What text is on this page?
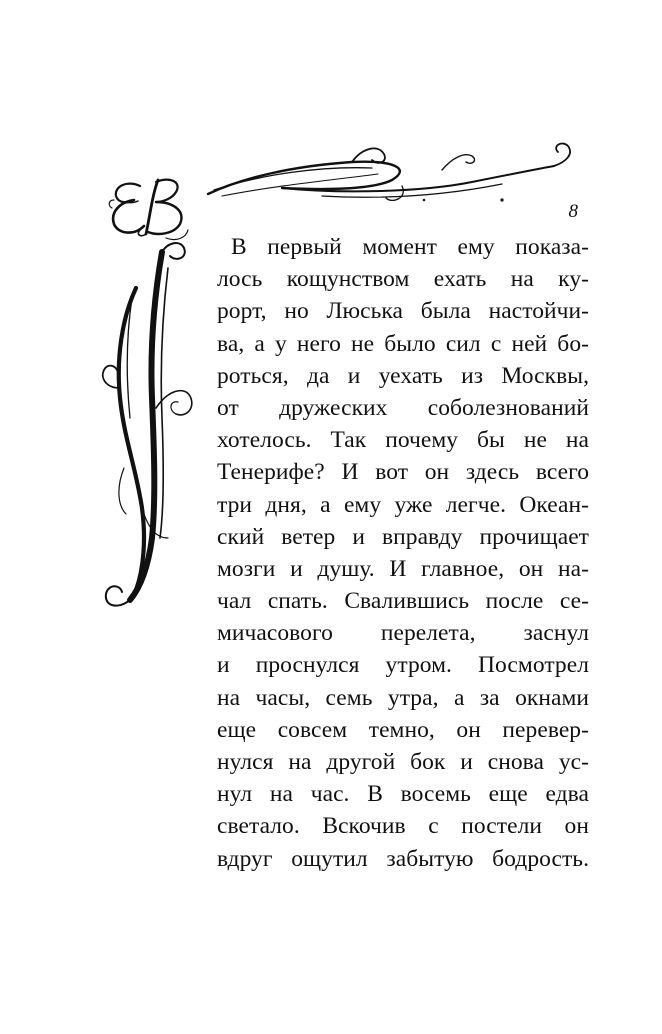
8
В первый момент ему показа-
лось кощунством ехать на ку-
рорт, но Люська была настойчи-
ва, а у него не было сил с ней бо-
роться, да и уехать из Москвы,
от дружеских соболезнований
хотелось. Так почему бы не на
Тенерифе? И вот он здесь всего
три дня, а ему уже легче. Океан-
ский ветер и вправду прочищает
мозги и душу. И главное, он на-
чал спать. Свалившись после се-
мичасового перелета, заснул
и проснулся утром. Посмотрел
на часы, семь утра, а за окнами
еще совсем темно, он перевер-
нулся на другой бок и снова ус-
нул на час. В восемь еще едва
светало. Вскочив с постели он
вдруг ощутил забытую бодрость.
